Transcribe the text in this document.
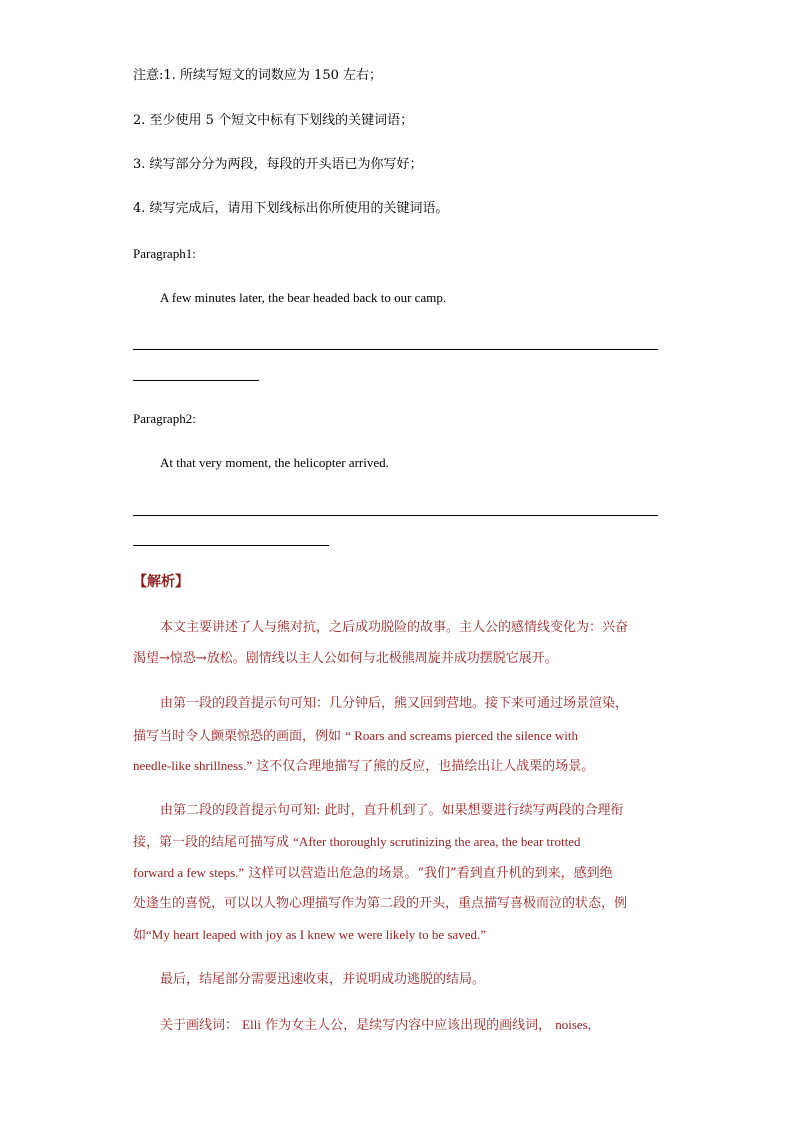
注意:1. 所续写短文的词数应为 150 左右；
2. 至少使用 5 个短文中标有下划线的关键词语；
3. 续写部分分为两段，每段的开头语已为你写好；
4. 续写完成后，请用下划线标出你所使用的关键词语。
Paragraph1:
A few minutes later, the bear headed back to our camp.
Paragraph2:
At that very moment, the helicopter arrived.
【解析】
本文主要讲述了人与熊对抗，之后成功脱险的故事。主人公的感情线变化为：兴奋
渴望→惊恐→放松。剧情线以主人公如何与北极熊周旋并成功摆脱它展开。
由第一段的段首提示句可知：几分钟后，熊又回到营地。接下来可通过场景渲染，
描写当时令人颤栗惊恐的画面，例如 “ Roars and screams pierced the silence with
needle-like shrillness.” 这不仅合理地描写了熊的反应，也描绘出让人战栗的场景。
由第二段的段首提示句可知: 此时，直升机到了。如果想要进行续写两段的合理衔
接，第一段的结尾可描写成 “After thoroughly scrutinizing the area, the bear trotted
forward a few steps.” 这样可以营造出危急的场景。“我们”看到直升机的到来，感到绝
处逢生的喜悦，可以以人物心理描写作为第二段的开头，重点描写喜极而泣的状态，例
如“My heart leaped with joy as I knew we were likely to be saved.”
最后，结尾部分需要迅速收束，并说明成功逃脱的结局。
关于画线词： Elli 作为女主人公，是续写内容中应该出现的画线词， noises,
